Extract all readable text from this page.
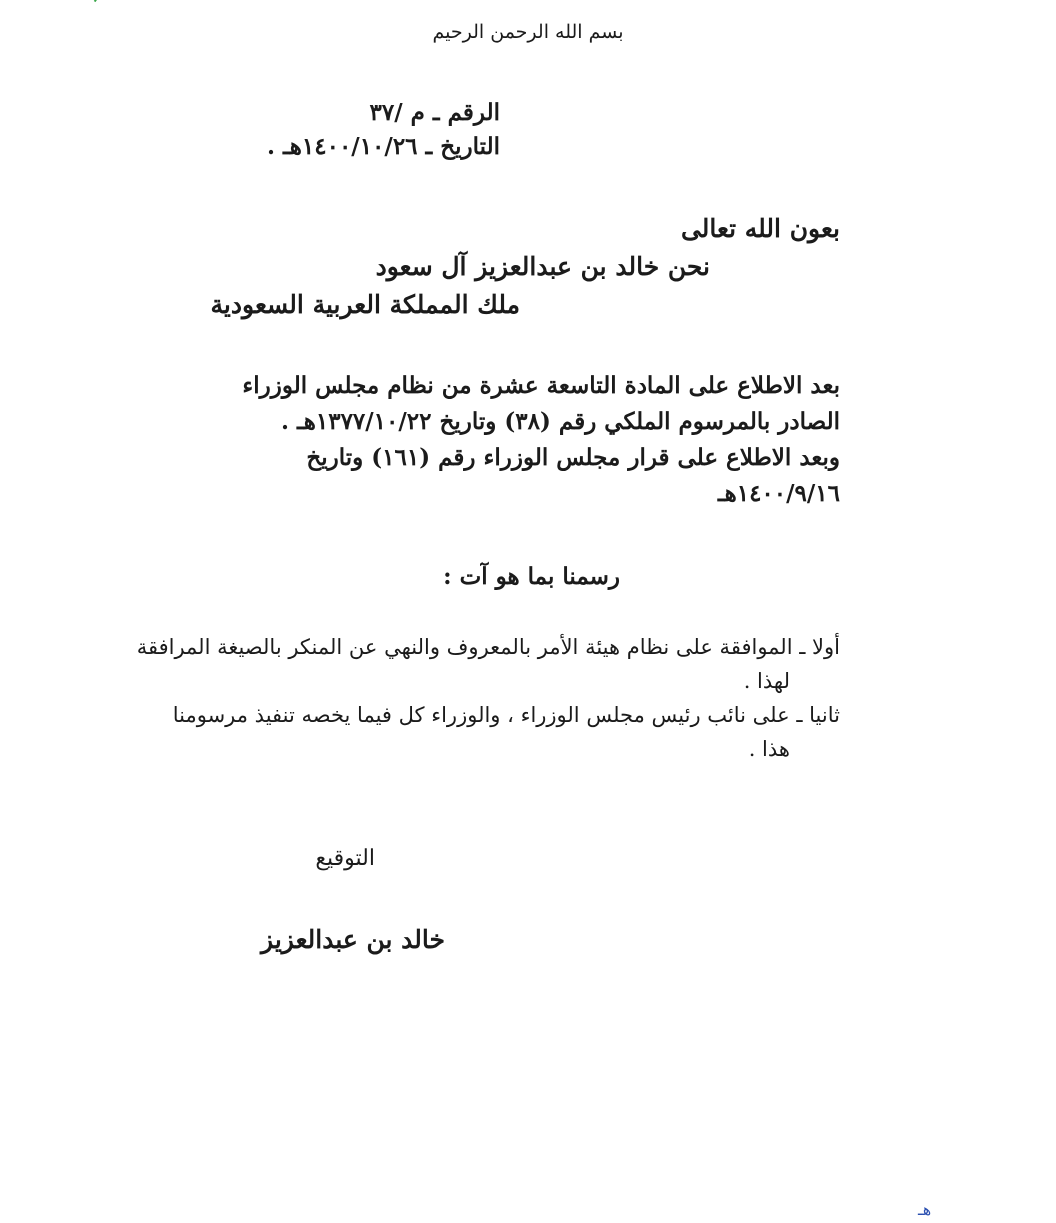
بسم الله الرحمن الرحيم
الرقم ـ م /٣٧
التاريخ ـ ١٤٠٠/١٠/٢٦هـ .
بعون الله تعالى
نحن خالد بن عبدالعزيز آل سعود
ملك المملكة العربية السعودية
بعد الاطلاع على المادة التاسعة عشرة من نظام مجلس الوزراء
الصادر بالمرسوم الملكي رقم (٣٨) وتاريخ ١٣٧٧/١٠/٢٢هـ .
وبعد الاطلاع على قرار مجلس الوزراء رقم (١٦١) وتاريخ
١٤٠٠/٩/١٦هـ
رسمنا بما هو آت :
أولا ـ الموافقة على نظام هيئة الأمر بالمعروف والنهي عن المنكر بالصيغة المرافقة
لهذا .
ثانيا ـ على نائب رئيس مجلس الوزراء ، والوزراء كل فيما يخصه تنفيذ مرسومنا
هذا .
التوقيع
خالد بن عبدالعزيز
هـ
